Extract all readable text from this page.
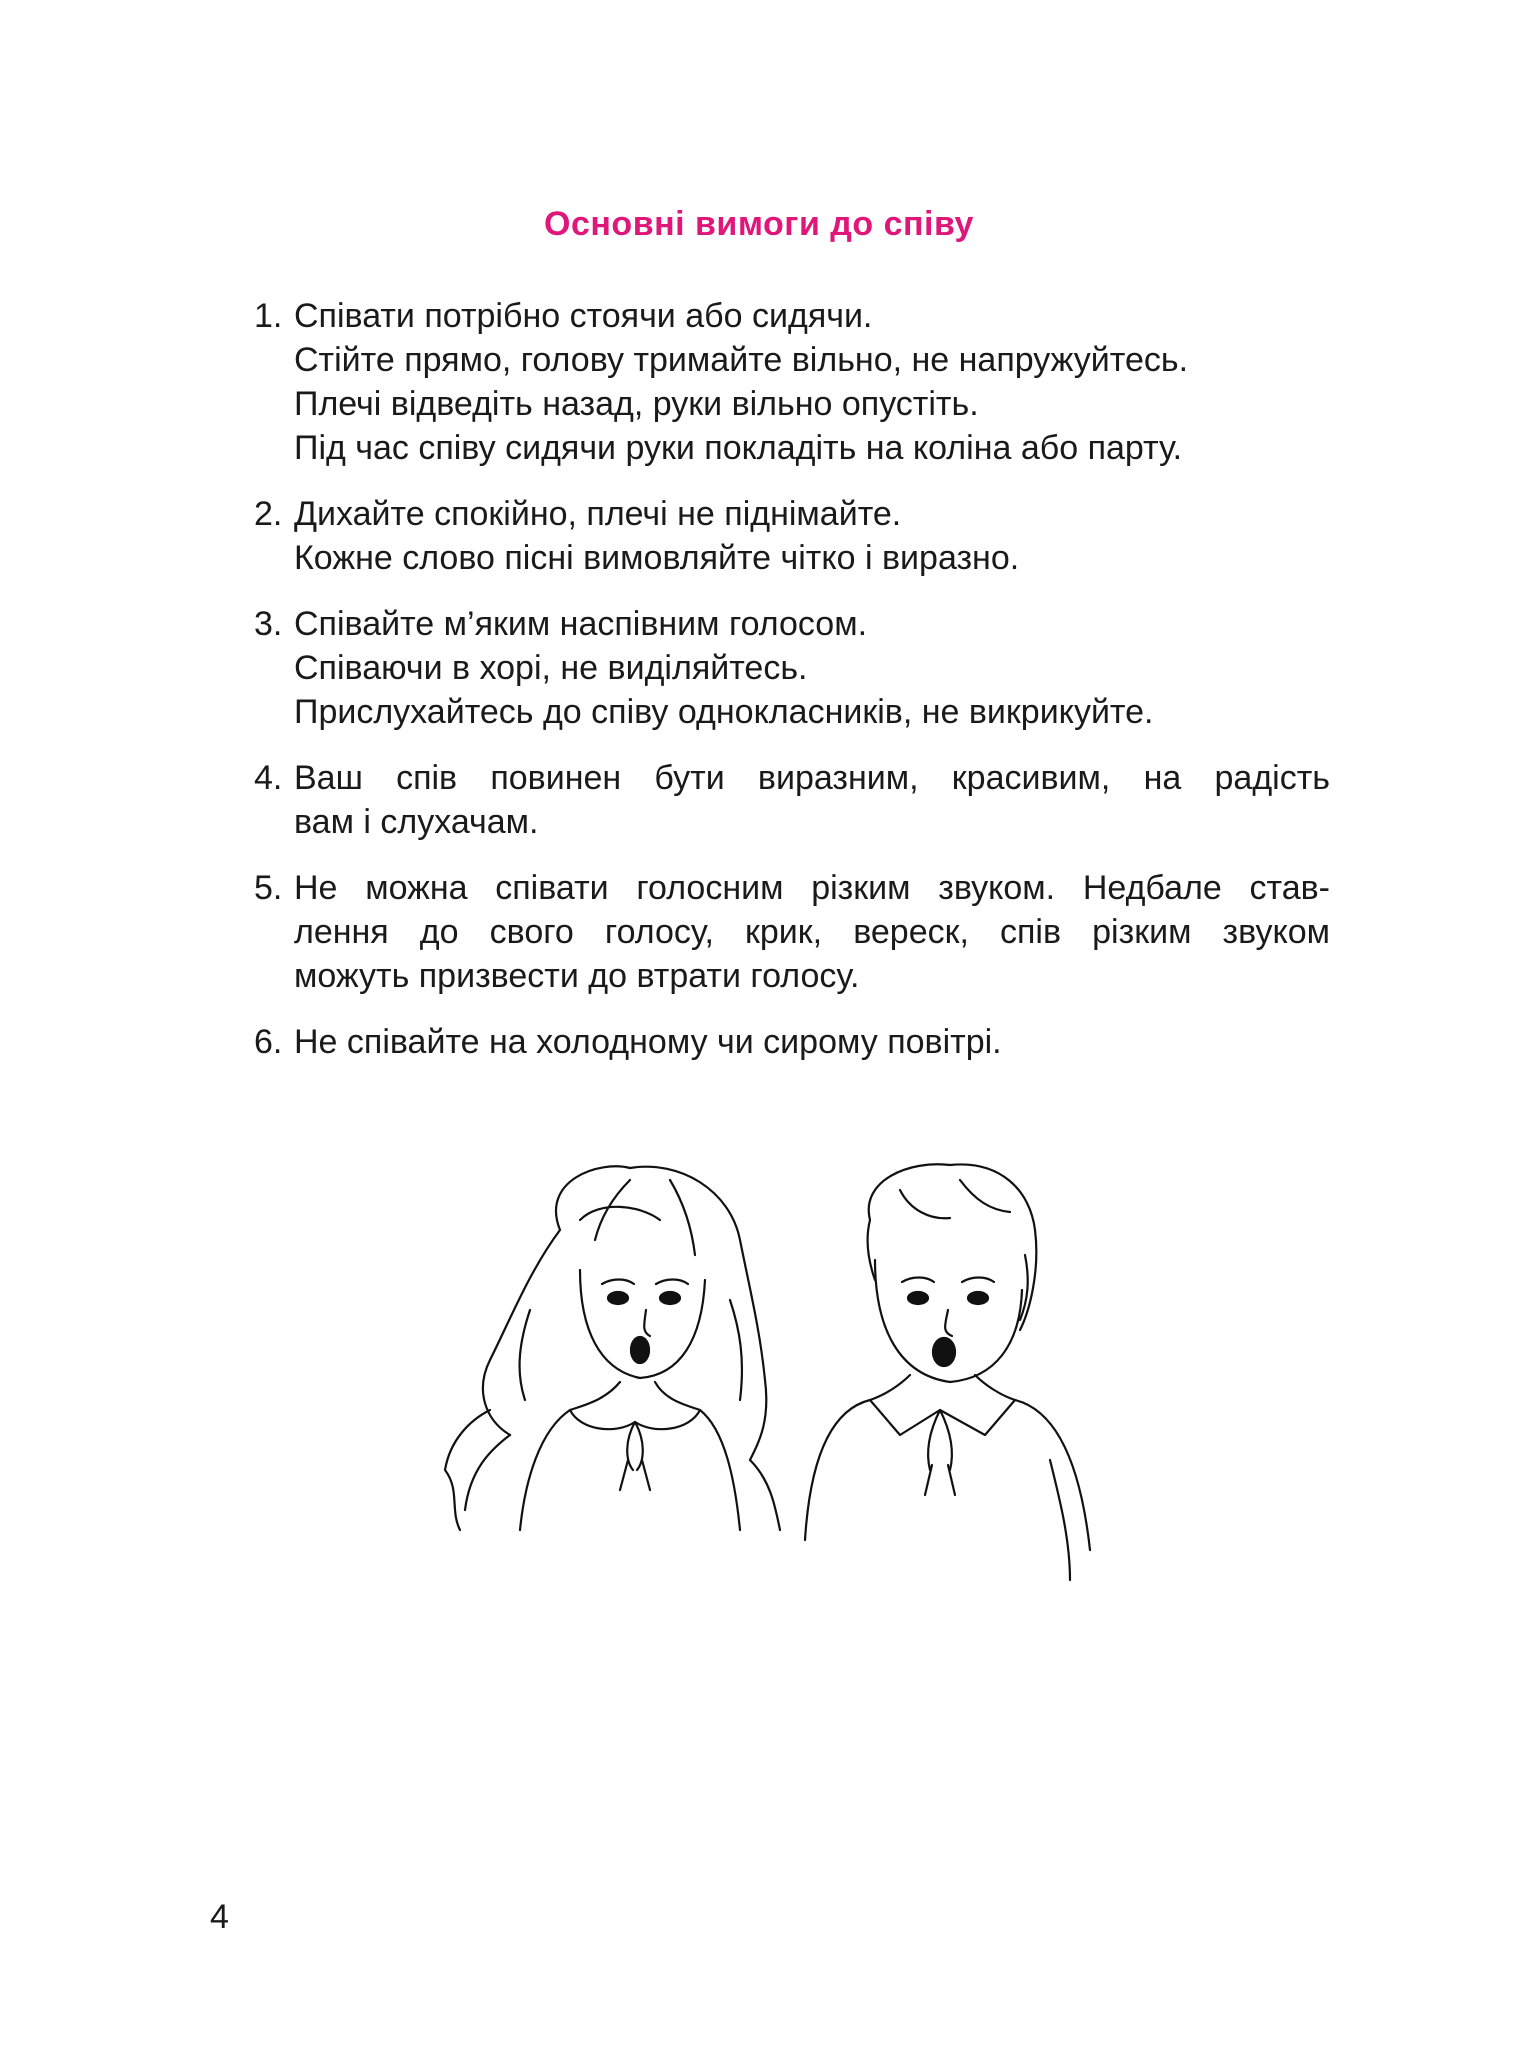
Основні вимоги до співу
1. Співати потрібно стоячи або сидячи.
Стійте прямо, голову тримайте вільно, не напружуйтесь.
Плечі відведіть назад, руки вільно опустіть.
Під час співу сидячи руки покладіть на коліна або парту.
2. Дихайте спокійно, плечі не піднімайте.
Кожне слово пісні вимовляйте чітко і виразно.
3. Співайте м’яким наспівним голосом.
Співаючи в хорі, не виділяйтесь.
Прислухайтесь до співу однокласників, не викрикуйте.
4. Ваш спів повинен бути виразним, красивим, на радість
вам і слухачам.
5. Не можна співати голосним різким звуком. Недбале став-
лення до свого голосу, крик, вереск, спів різким звуком
можуть призвести до втрати голосу.
6. Не співайте на холодному чи сирому повітрі.
4
